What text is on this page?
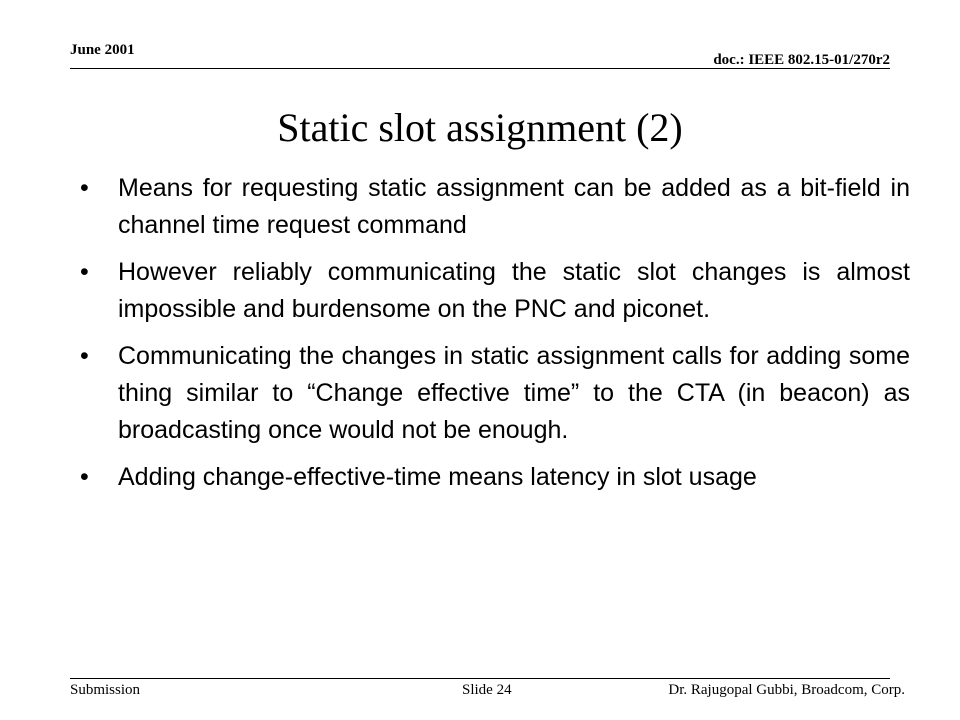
June 2001
doc.: IEEE 802.15-01/270r2
Static slot assignment (2)
• Means for requesting static assignment can be added as a bit-field in channel time request command
• However reliably communicating the static slot changes is almost impossible and burdensome on the PNC and piconet.
• Communicating the changes in static assignment calls for adding some thing similar to “Change effective time” to the CTA (in beacon) as broadcasting once would not be enough.
• Adding change-effective-time means latency in slot usage
Submission	Slide 24	Dr. Rajugopal Gubbi, Broadcom, Corp.
